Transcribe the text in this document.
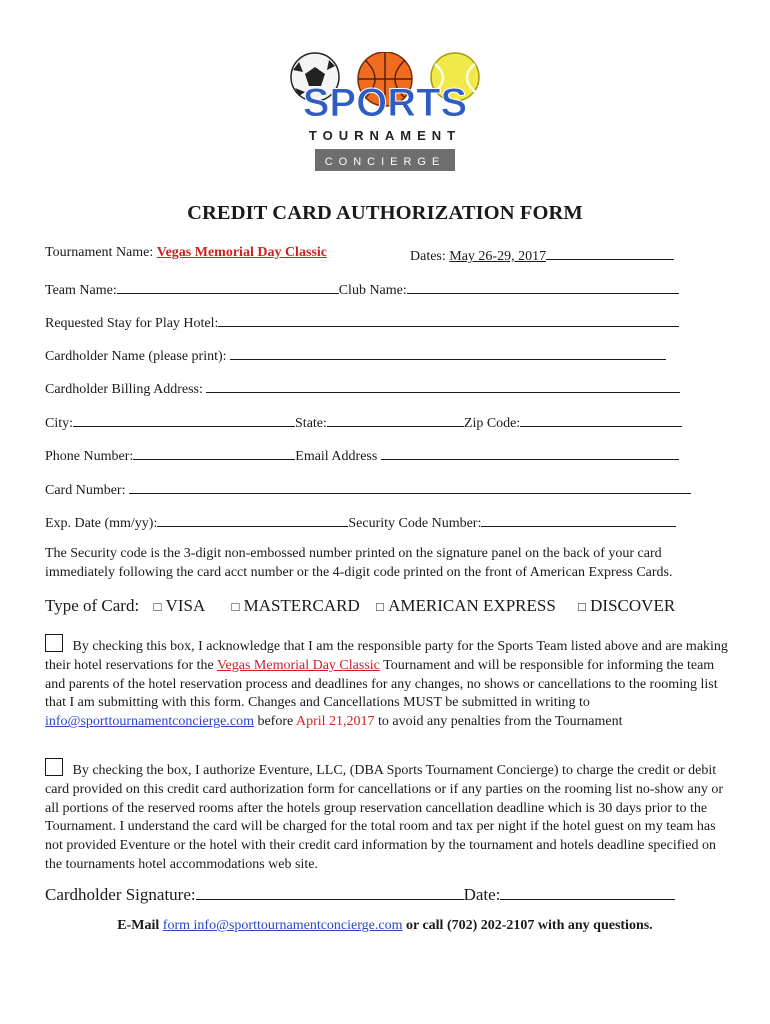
SPORTS
TOURNAMENT
CONCIERGE
CREDIT CARD AUTHORIZATION FORM
Tournament Name: Vegas Memorial Day Classic	Dates: May 26-29, 2017
Team Name:	Club Name:
Requested Stay for Play Hotel:
Cardholder Name (please print):
Cardholder Billing Address:
City:	State:	Zip Code:
Phone Number:	Email Address
Card Number:
Exp. Date (mm/yy):	Security Code Number:
The Security code is the 3-digit non-embossed number printed on the signature panel on the back of your card immediately following the card acct number or the 4-digit code printed on the front of American Express Cards.
Type of Card: □ VISA □ MASTERCARD □ AMERICAN EXPRESS □ DISCOVER
By checking this box, I acknowledge that I am the responsible party for the Sports Team listed above and are making their hotel reservations for the Vegas Memorial Day Classic Tournament and will be responsible for informing the team and parents of the hotel reservation process and deadlines for any changes, no shows or cancellations to the rooming list that I am submitting with this form. Changes and Cancellations MUST be submitted in writing to info@sporttournamentconcierge.com before April 21,2017 to avoid any penalties from the Tournament
By checking the box, I authorize Eventure, LLC, (DBA Sports Tournament Concierge) to charge the credit or debit card provided on this credit card authorization form for cancellations or if any parties on the rooming list no-show any or all portions of the reserved rooms after the hotels group reservation cancellation deadline which is 30 days prior to the Tournament. I understand the card will be charged for the total room and tax per night if the hotel guest on my team has not provided Eventure or the hotel with their credit card information by the tournament and hotels deadline specified on the tournaments hotel accommodations web site.
Cardholder Signature:	Date:
E-Mail form info@sporttournamentconcierge.com or call (702) 202-2107 with any questions.
